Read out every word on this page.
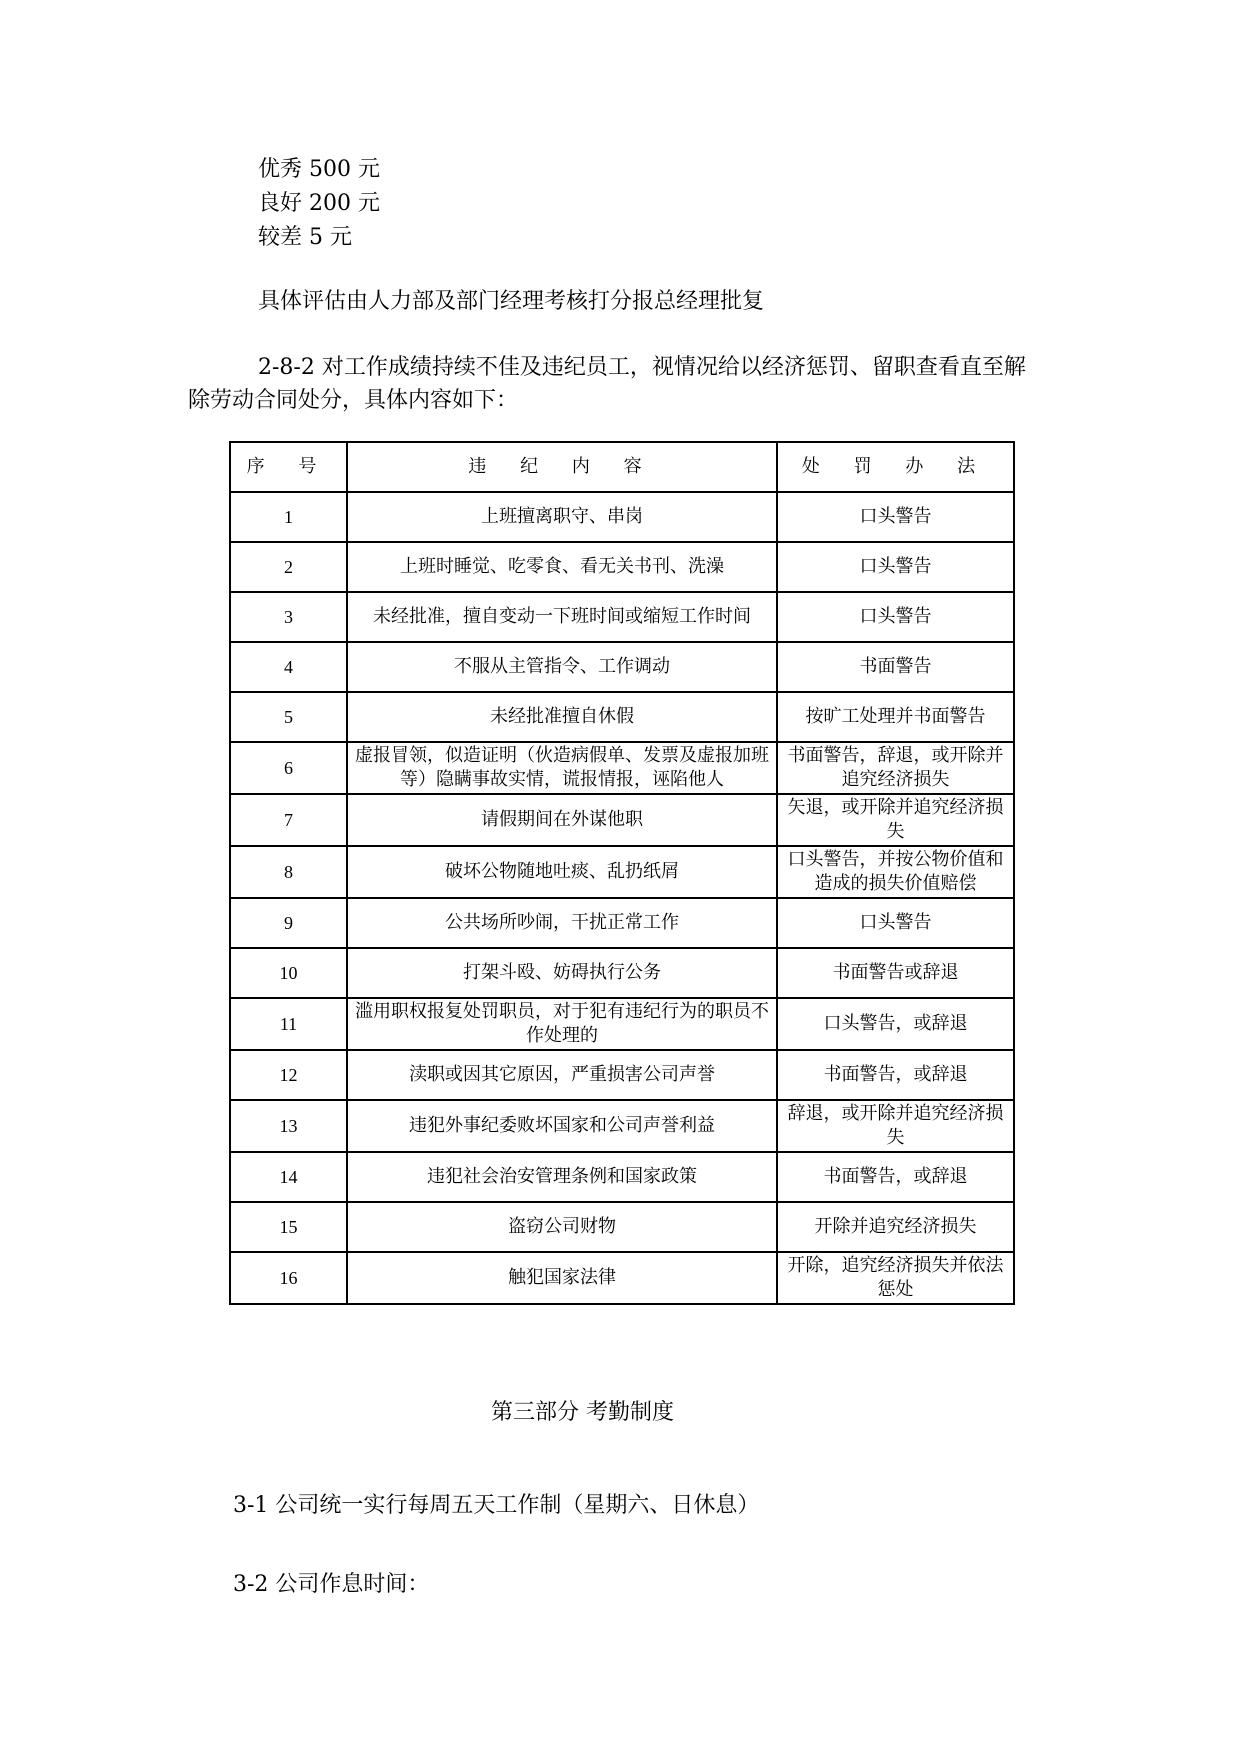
优秀 500 元
良好 200 元
较差 5 元
具体评估由人力部及部门经理考核打分报总经理批复
2-8-2 对工作成绩持续不佳及违纪员工，视情况给以经济惩罚、留职查看直至解
除劳动合同处分，具体内容如下：
序 号	违 纪 内 容	处 罚 办 法
1	上班擅离职守、串岗	口头警告
2	上班时睡觉、吃零食、看无关书刊、洗澡	口头警告
3	未经批准，擅自变动一下班时间或缩短工作时间	口头警告
4	不服从主管指令、工作调动	书面警告
5	未经批准擅自休假	按旷工处理并书面警告
6	虚报冒领，似造证明（伙造病假单、发票及虚报加班等）隐瞒事故实情，谎报情报，诬陷他人	书面警告，辞退，或开除并追究经济损失
7	请假期间在外谋他职	矢退，或开除并追究经济损失
8	破坏公物随地吐痰、乱扔纸屑	口头警告，并按公物价值和造成的损失价值赔偿
9	公共场所吵闹，干扰正常工作	口头警告
10	打架斗殴、妨碍执行公务	书面警告或辞退
11	滥用职权报复处罚职员，对于犯有违纪行为的职员不作处理的	口头警告，或辞退
12	渎职或因其它原因，严重损害公司声誉	书面警告，或辞退
13	违犯外事纪委败坏国家和公司声誉利益	辞退，或开除并追究经济损失
14	违犯社会治安管理条例和国家政策	书面警告，或辞退
15	盗窃公司财物	开除并追究经济损失
16	触犯国家法律	开除，追究经济损失并依法惩处
第三部分 考勤制度
3-1 公司统一实行每周五天工作制（星期六、日休息）
3-2 公司作息时间：
